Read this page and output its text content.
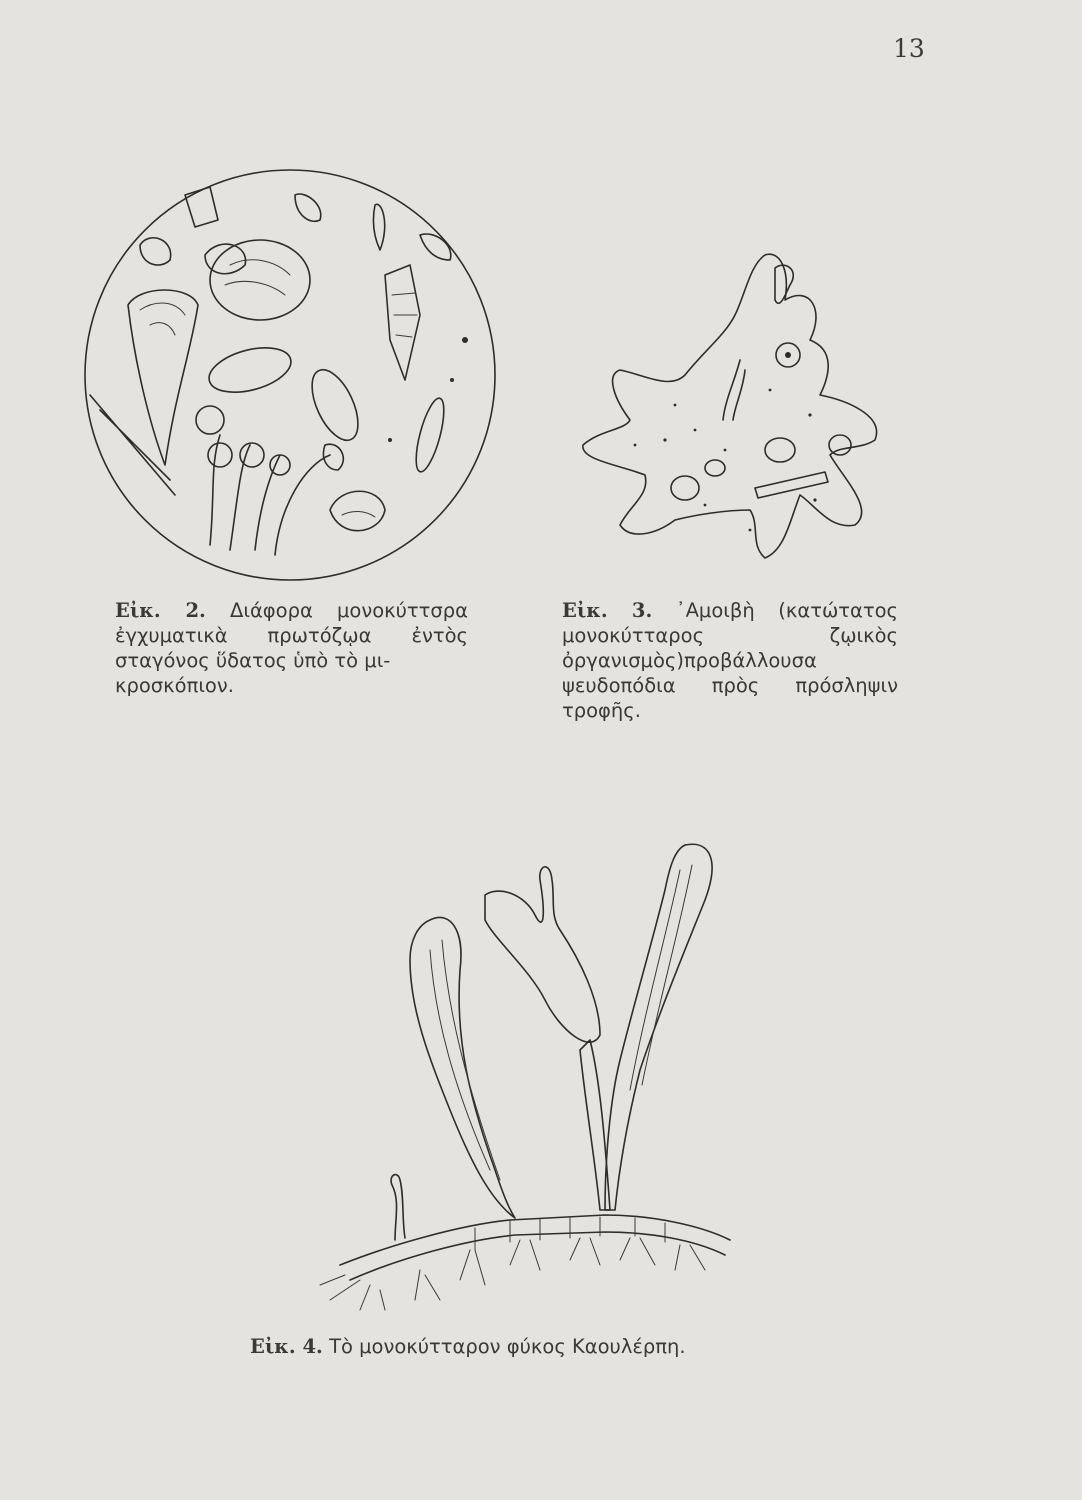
13
Εἰκ. 2. Διάφορα μονοκύττσρα ἐγχυματικὰ πρωτόζῳα ἐντὸς σταγόνος ὕδατος ὑπὸ τὸ μι-
κροσκόπιον.
Εἰκ. 3. ᾿Αμοιβὴ (κατώτατος μονοκύτταρος ζῳικὸς ὀργανισμὸς)προβάλλουσα ψευδοπόδια πρὸς πρόσληψιν τροφῆς.
Εἰκ. 4. Τὸ μονοκύτταρον φύκος Καουλέρπη.
